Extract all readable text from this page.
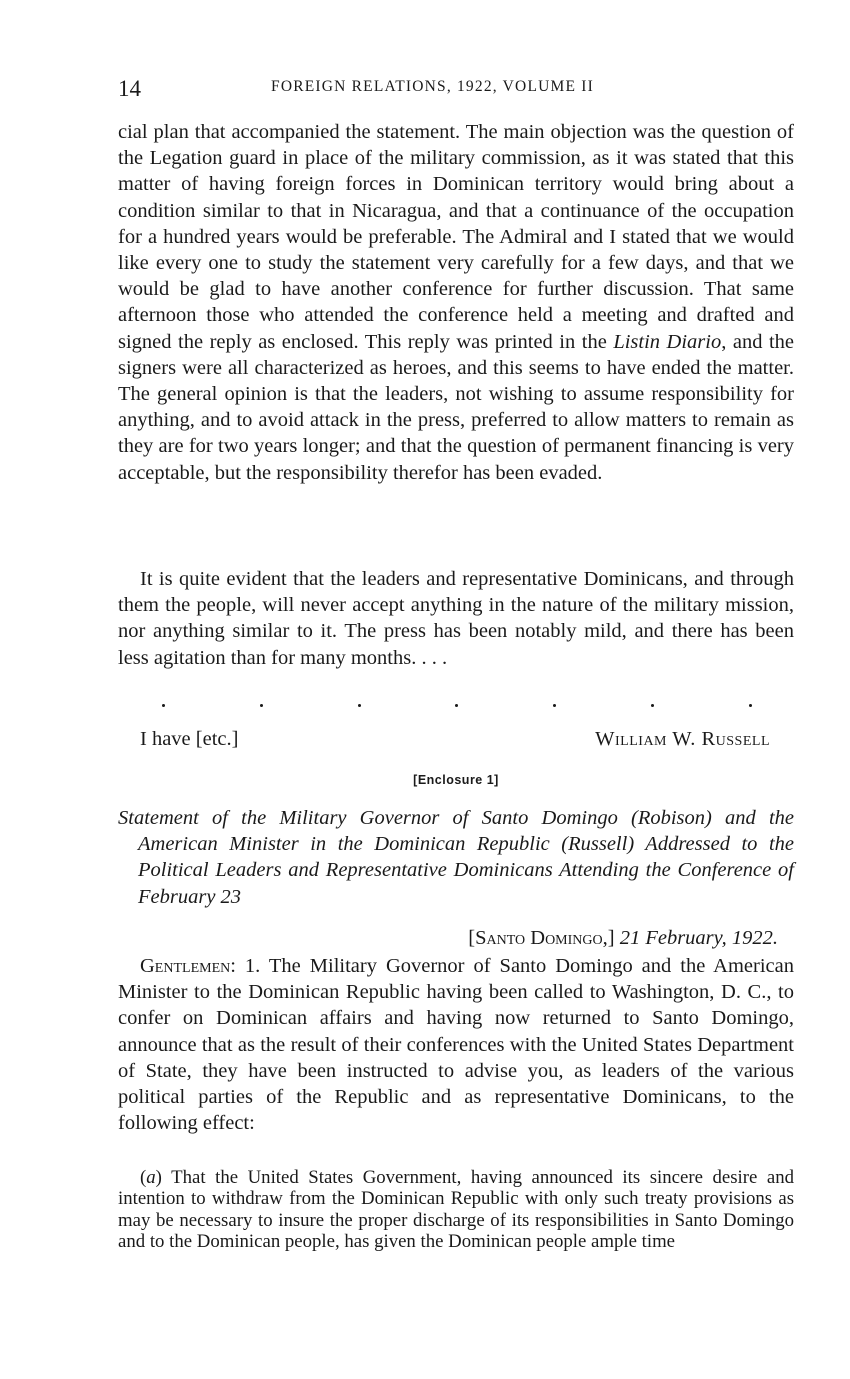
14	FOREIGN RELATIONS, 1922, VOLUME II

cial plan that accompanied the statement. The main objection was the question of the Legation guard in place of the military commission, as it was stated that this matter of having foreign forces in Dominican territory would bring about a condition similar to that in Nicaragua, and that a continuance of the occupation for a hundred years would be preferable. The Admiral and I stated that we would like every one to study the statement very carefully for a few days, and that we would be glad to have another conference for further discussion. That same afternoon those who attended the conference held a meeting and drafted and signed the reply as enclosed. This reply was printed in the Listin Diario, and the signers were all characterized as heroes, and this seems to have ended the matter. The general opinion is that the leaders, not wishing to assume responsibility for anything, and to avoid attack in the press, preferred to allow matters to remain as they are for two years longer; and that the question of permanent financing is very acceptable, but the responsibility therefor has been evaded.

It is quite evident that the leaders and representative Dominicans, and through them the people, will never accept anything in the nature of the military mission, nor anything similar to it. The press has been notably mild, and there has been less agitation than for many months. . . .

I have [etc.]	William W. Russell
[Enclosure 1]

Statement of the Military Governor of Santo Domingo (Robison) and the American Minister in the Dominican Republic (Russell) Addressed to the Political Leaders and Representative Dominicans Attending the Conference of February 23

[Santo Domingo,] 21 February, 1922.

Gentlemen: 1. The Military Governor of Santo Domingo and the American Minister to the Dominican Republic having been called to Washington, D. C., to confer on Dominican affairs and having now returned to Santo Domingo, announce that as the result of their conferences with the United States Department of State, they have been instructed to advise you, as leaders of the various political parties of the Republic and as representative Dominicans, to the following effect:

(a) That the United States Government, having announced its sincere desire and intention to withdraw from the Dominican Republic with only such treaty provisions as may be necessary to insure the proper discharge of its responsibilities in Santo Domingo and to the Dominican people, has given the Dominican people ample time
